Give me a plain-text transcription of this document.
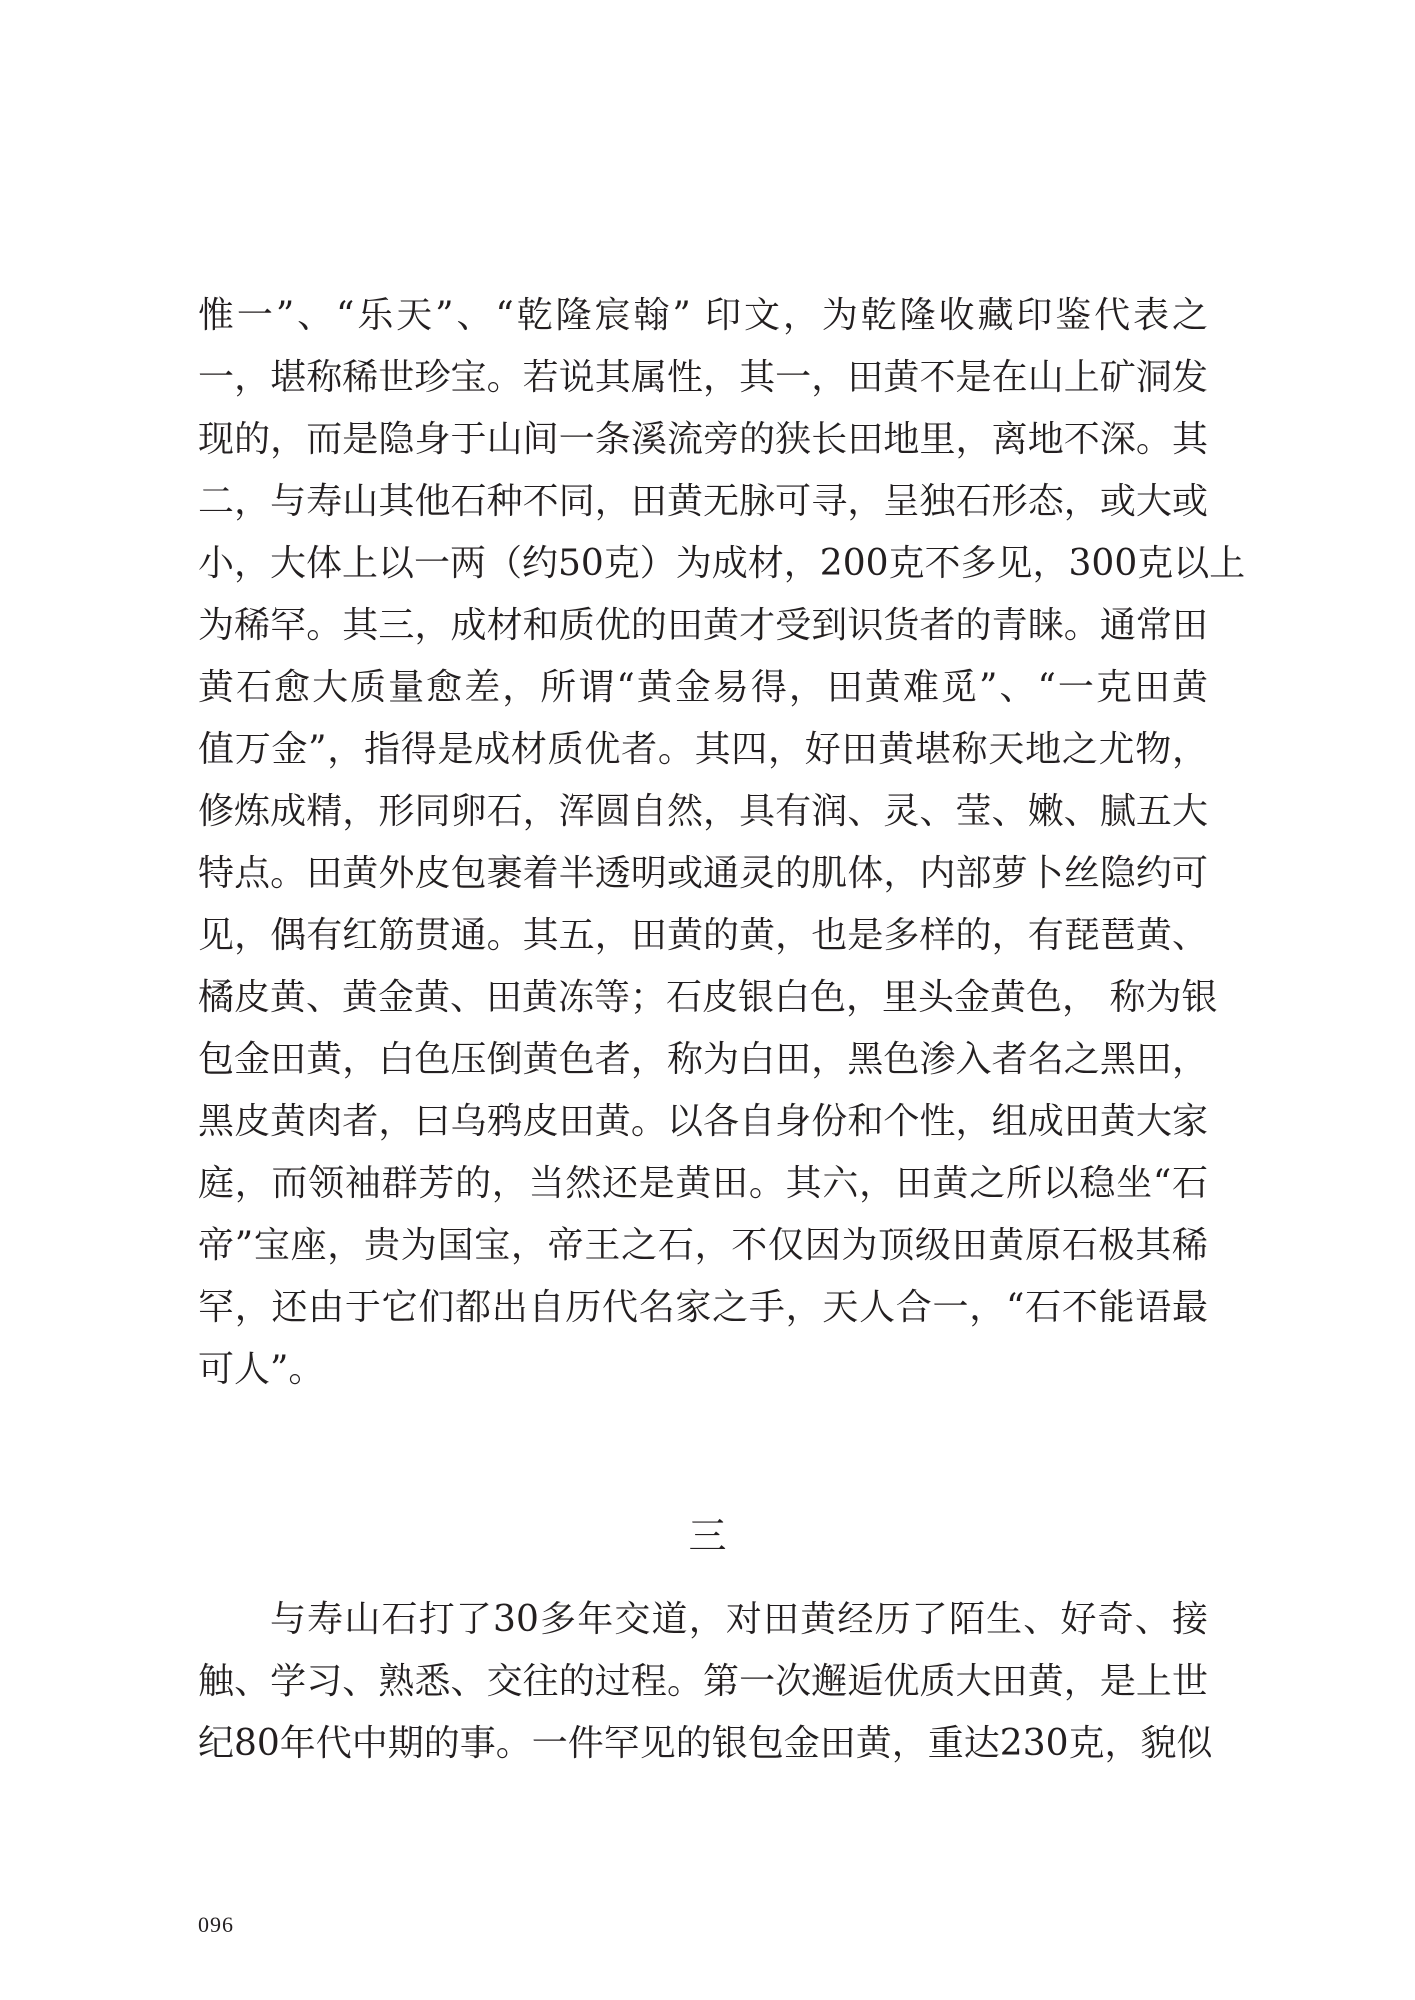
惟一”、“乐天”、“乾隆宸翰” 印文，为乾隆收藏印鉴代表之
一，堪称稀世珍宝。若说其属性，其一，田黄不是在山上矿洞发
现的，而是隐身于山间一条溪流旁的狭长田地里，离地不深。其
二，与寿山其他石种不同，田黄无脉可寻，呈独石形态，或大或
小，大体上以一两（约50克）为成材，200克不多见，300克以上
为稀罕。其三，成材和质优的田黄才受到识货者的青睐。通常田
黄石愈大质量愈差，所谓“黄金易得，田黄难觅”、“一克田黄
值万金”，指得是成材质优者。其四，好田黄堪称天地之尤物，
修炼成精，形同卵石，浑圆自然，具有润、灵、莹、嫩、腻五大
特点。田黄外皮包裹着半透明或通灵的肌体，内部萝卜丝隐约可
见，偶有红筋贯通。其五，田黄的黄，也是多样的，有琵琶黄、
橘皮黄、黄金黄、田黄冻等；石皮银白色，里头金黄色， 称为银
包金田黄，白色压倒黄色者，称为白田，黑色渗入者名之黑田，
黑皮黄肉者，曰乌鸦皮田黄。以各自身份和个性，组成田黄大家
庭，而领袖群芳的，当然还是黄田。其六，田黄之所以稳坐“石
帝”宝座，贵为国宝，帝王之石，不仅因为顶级田黄原石极其稀
罕，还由于它们都出自历代名家之手，天人合一，“石不能语最
可人”。
三
与寿山石打了30多年交道，对田黄经历了陌生、好奇、接
触、学习、熟悉、交往的过程。第一次邂逅优质大田黄，是上世
纪80年代中期的事。一件罕见的银包金田黄，重达230克，貌似
096
